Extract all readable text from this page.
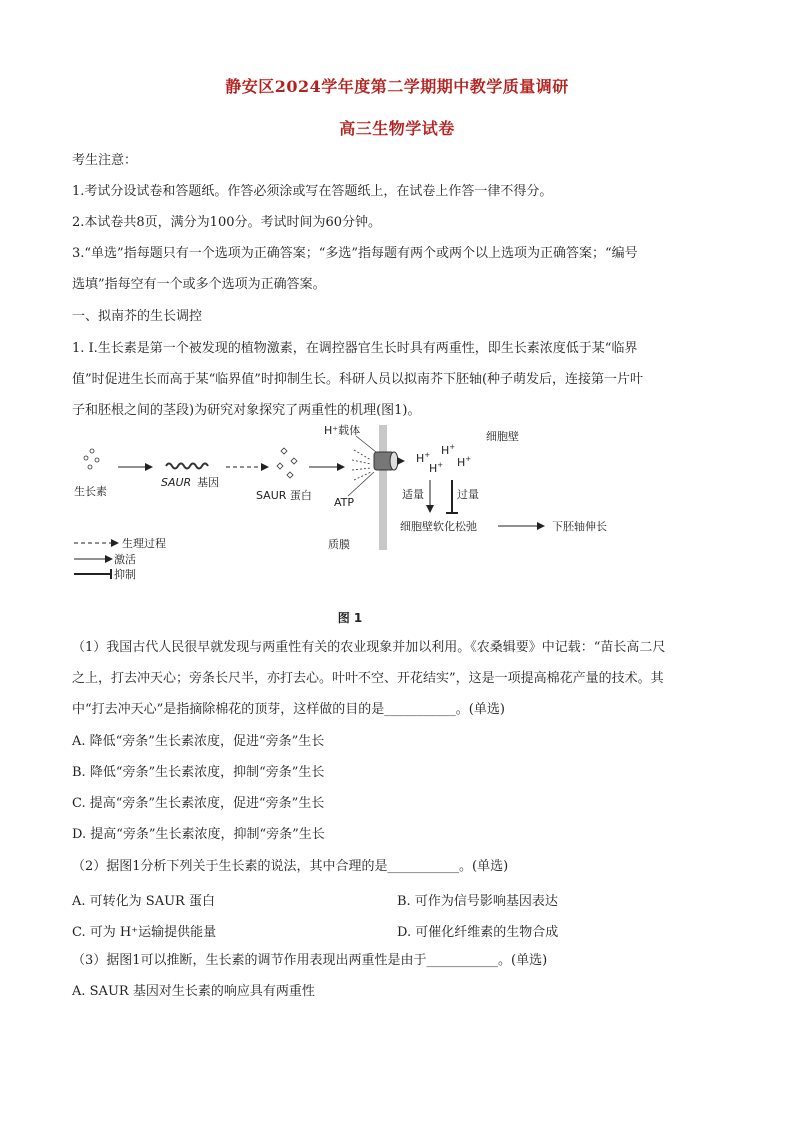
静安区2024学年度第二学期期中教学质量调研
高三生物学试卷
考生注意：
1.考试分设试卷和答题纸。作答必须涂或写在答题纸上，在试卷上作答一律不得分。
2.本试卷共8页，满分为100分。考试时间为60分钟。
3.“单选”指每题只有一个选项为正确答案；“多选”指每题有两个或两个以上选项为正确答案；“编号
选填”指每空有一个或多个选项为正确答案。
一、拟南芥的生长调控
1. Ⅰ.生长素是第一个被发现的植物激素，在调控器官生长时具有两重性，即生长素浓度低于某“临界
值”时促进生长而高于某“临界值”时抑制生长。科研人员以拟南芥下胚轴(种子萌发后，连接第一片叶
子和胚根之间的茎段)为研究对象探究了两重性的机理(图1)。
生长素
SAUR 基因
SAUR 蛋白
H⁺载体
ATP
质膜
H+ H+
H+ H+
细胞壁
适量	过量
细胞壁软化松弛	下胚轴伸长
生理过程
激活
抑制
图 1
（1）我国古代人民很早就发现与两重性有关的农业现象并加以利用。《农桑辑要》中记载：“苗长高二尺
之上，打去冲天心；旁条长尺半，亦打去心。叶叶不空、开花结实”，这是一项提高棉花产量的技术。其
中“打去冲天心”是指摘除棉花的顶芽，这样做的目的是___________。(单选)
A. 降低“旁条”生长素浓度，促进“旁条”生长
B. 降低“旁条”生长素浓度，抑制“旁条”生长
C. 提高“旁条”生长素浓度，促进“旁条”生长
D. 提高“旁条”生长素浓度，抑制“旁条”生长
（2）据图1分析下列关于生长素的说法，其中合理的是___________。(单选)
A. 可转化为 SAUR 蛋白	B. 可作为信号影响基因表达
C. 可为 H⁺运输提供能量	D. 可催化纤维素的生物合成
（3）据图1可以推断，生长素的调节作用表现出两重性是由于___________。(单选)
A. SAUR 基因对生长素的响应具有两重性
